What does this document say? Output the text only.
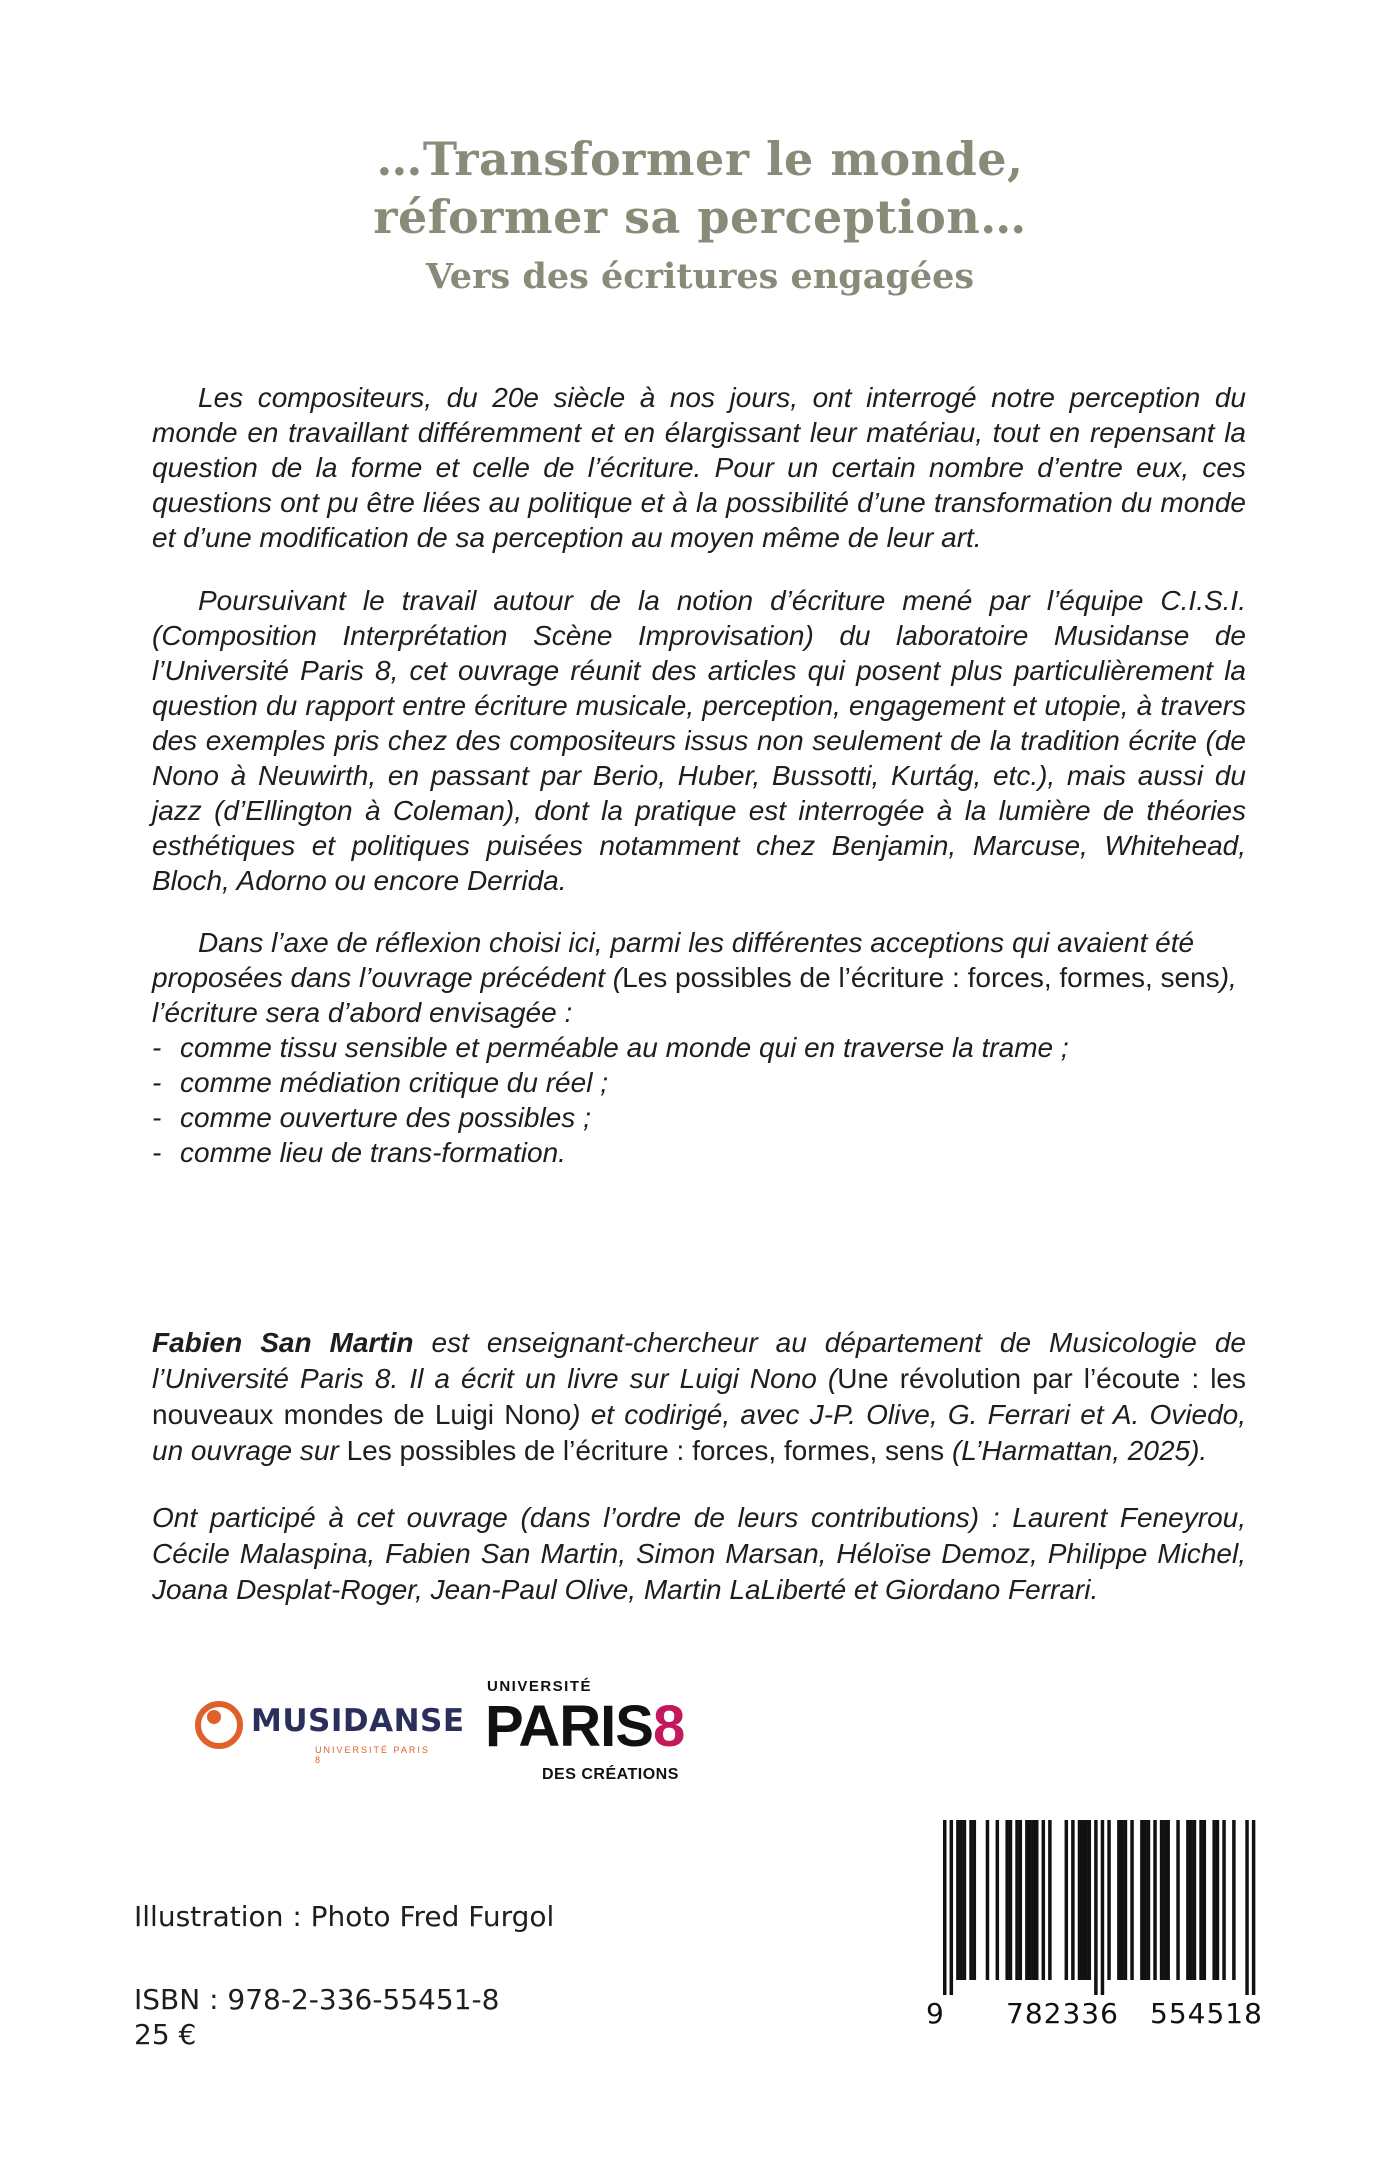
…Transformer le monde,
réformer sa perception…
Vers des écritures engagées

Les compositeurs, du 20e siècle à nos jours, ont interrogé notre perception du monde en travaillant différemment et en élargissant leur matériau, tout en repensant la question de la forme et celle de l’écriture. Pour un certain nombre d’entre eux, ces questions ont pu être liées au politique et à la possibilité d’une transformation du monde et d’une modification de sa perception au moyen même de leur art.

Poursuivant le travail autour de la notion d’écriture mené par l’équipe C.I.S.I. (Composition Interprétation Scène Improvisation) du laboratoire Musidanse de l’Université Paris 8, cet ouvrage réunit des articles qui posent plus particulièrement la question du rapport entre écriture musicale, perception, engagement et utopie, à travers des exemples pris chez des compositeurs issus non seulement de la tradition écrite (de Nono à Neuwirth, en passant par Berio, Huber, Bussotti, Kurtág, etc.), mais aussi du jazz (d’Ellington à Coleman), dont la pratique est interrogée à la lumière de théories esthétiques et politiques puisées notamment chez Benjamin, Marcuse, Whitehead, Bloch, Adorno ou encore Derrida.

Dans l’axe de réflexion choisi ici, parmi les différentes acceptions qui avaient été proposées dans l’ouvrage précédent (Les possibles de l’écriture : forces, formes, sens), l’écriture sera d’abord envisagée :

- comme tissu sensible et perméable au monde qui en traverse la trame ;
- comme médiation critique du réel ;
- comme ouverture des possibles ;
- comme lieu de trans-formation.

Fabien San Martin est enseignant-chercheur au département de Musicologie de l’Université Paris 8. Il a écrit un livre sur Luigi Nono (Une révolution par l’écoute : les nouveaux mondes de Luigi Nono) et codirigé, avec J-P. Olive, G. Ferrari et A. Oviedo, un ouvrage sur Les possibles de l’écriture : forces, formes, sens (L’Harmattan, 2025).

Ont participé à cet ouvrage (dans l’ordre de leurs contributions) : Laurent Feneyrou, Cécile Malaspina, Fabien San Martin, Simon Marsan, Héloïse Demoz, Philippe Michel, Joana Desplat-Roger, Jean-Paul Olive, Martin LaLiberté et Giordano Ferrari.

MUSIDANSE
UNIVERSITÉ PARIS 8
UNIVERSITÉ
PARIS8
DES CRÉATIONS
Illustration : Photo Fred Furgol
ISBN : 978-2-336-55451-8
25 €
9 782336 554518
